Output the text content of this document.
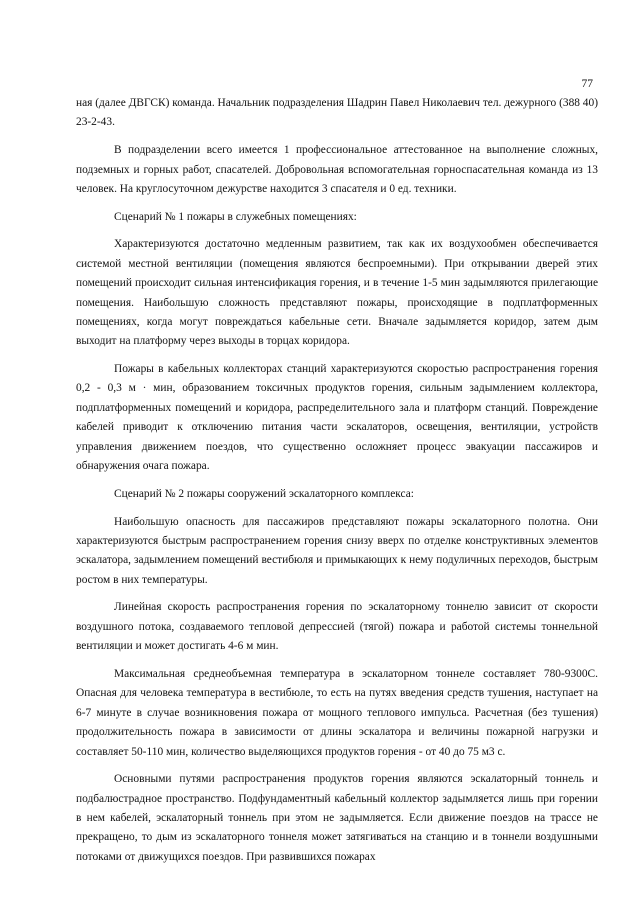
77

ная (далее ДВГСК) команда. Начальник подразделения Шадрин Павел Николаевич тел. дежурного (388 40) 23-2-43.

В подразделении всего имеется 1 профессиональное аттестованное на выполнение сложных, подземных и горных работ, спасателей. Добровольная вспомогательная горноспасательная команда из 13 человек. На круглосуточном дежурстве находится 3 спасателя и 0 ед. техники.

Сценарий № 1 пожары в служебных помещениях:

Характеризуются достаточно медленным развитием, так как их воздухообмен обеспечивается системой местной вентиляции (помещения являются беспроемными). При открывании дверей этих помещений происходит сильная интенсификация горения, и в течение 1-5 мин задымляются прилегающие помещения. Наибольшую сложность представляют пожары, происходящие в подплатформенных помещениях, когда могут повреждаться кабельные сети. Вначале задымляется коридор, затем дым выходит на платформу через выходы в торцах коридора.

Пожары в кабельных коллекторах станций характеризуются скоростью распространения горения 0,2 - 0,3 м · мин, образованием токсичных продуктов горения, сильным задымлением коллектора, подплатформенных помещений и коридора, распределительного зала и платформ станций. Повреждение кабелей приводит к отключению питания части эскалаторов, освещения, вентиляции, устройств управления движением поездов, что существенно осложняет процесс эвакуации пассажиров и обнаружения очага пожара.

Сценарий № 2 пожары сооружений эскалаторного комплекса:

Наибольшую опасность для пассажиров представляют пожары эскалаторного полотна. Они характеризуются быстрым распространением горения снизу вверх по отделке конструктивных элементов эскалатора, задымлением помещений вестибюля и примыкающих к нему подуличных переходов, быстрым ростом в них температуры.

Линейная скорость распространения горения по эскалаторному тоннелю зависит от скорости воздушного потока, создаваемого тепловой депрессией (тягой) пожара и работой системы тоннельной вентиляции и может достигать 4-6 м мин.

Максимальная среднеобъемная температура в эскалаторном тоннеле составляет 780-9300С. Опасная для человека температура в вестибюле, то есть на путях введения средств тушения, наступает на 6-7 минуте в случае возникновения пожара от мощного теплового импульса. Расчетная (без тушения) продолжительность пожара в зависимости от длины эскалатора и величины пожарной нагрузки и составляет 50-110 мин, количество выделяющихся продуктов горения - от 40 до 75 м3 с.

Основными путями распространения продуктов горения являются эскалаторный тоннель и подбалюстрадное пространство. Подфундаментный кабельный коллектор задымляется лишь при горении в нем кабелей, эскалаторный тоннель при этом не задымляется. Если движение поездов на трассе не прекращено, то дым из эскалаторного тоннеля может затягиваться на станцию и в тоннели воздушными потоками от движущихся поездов. При развившихся пожарах
